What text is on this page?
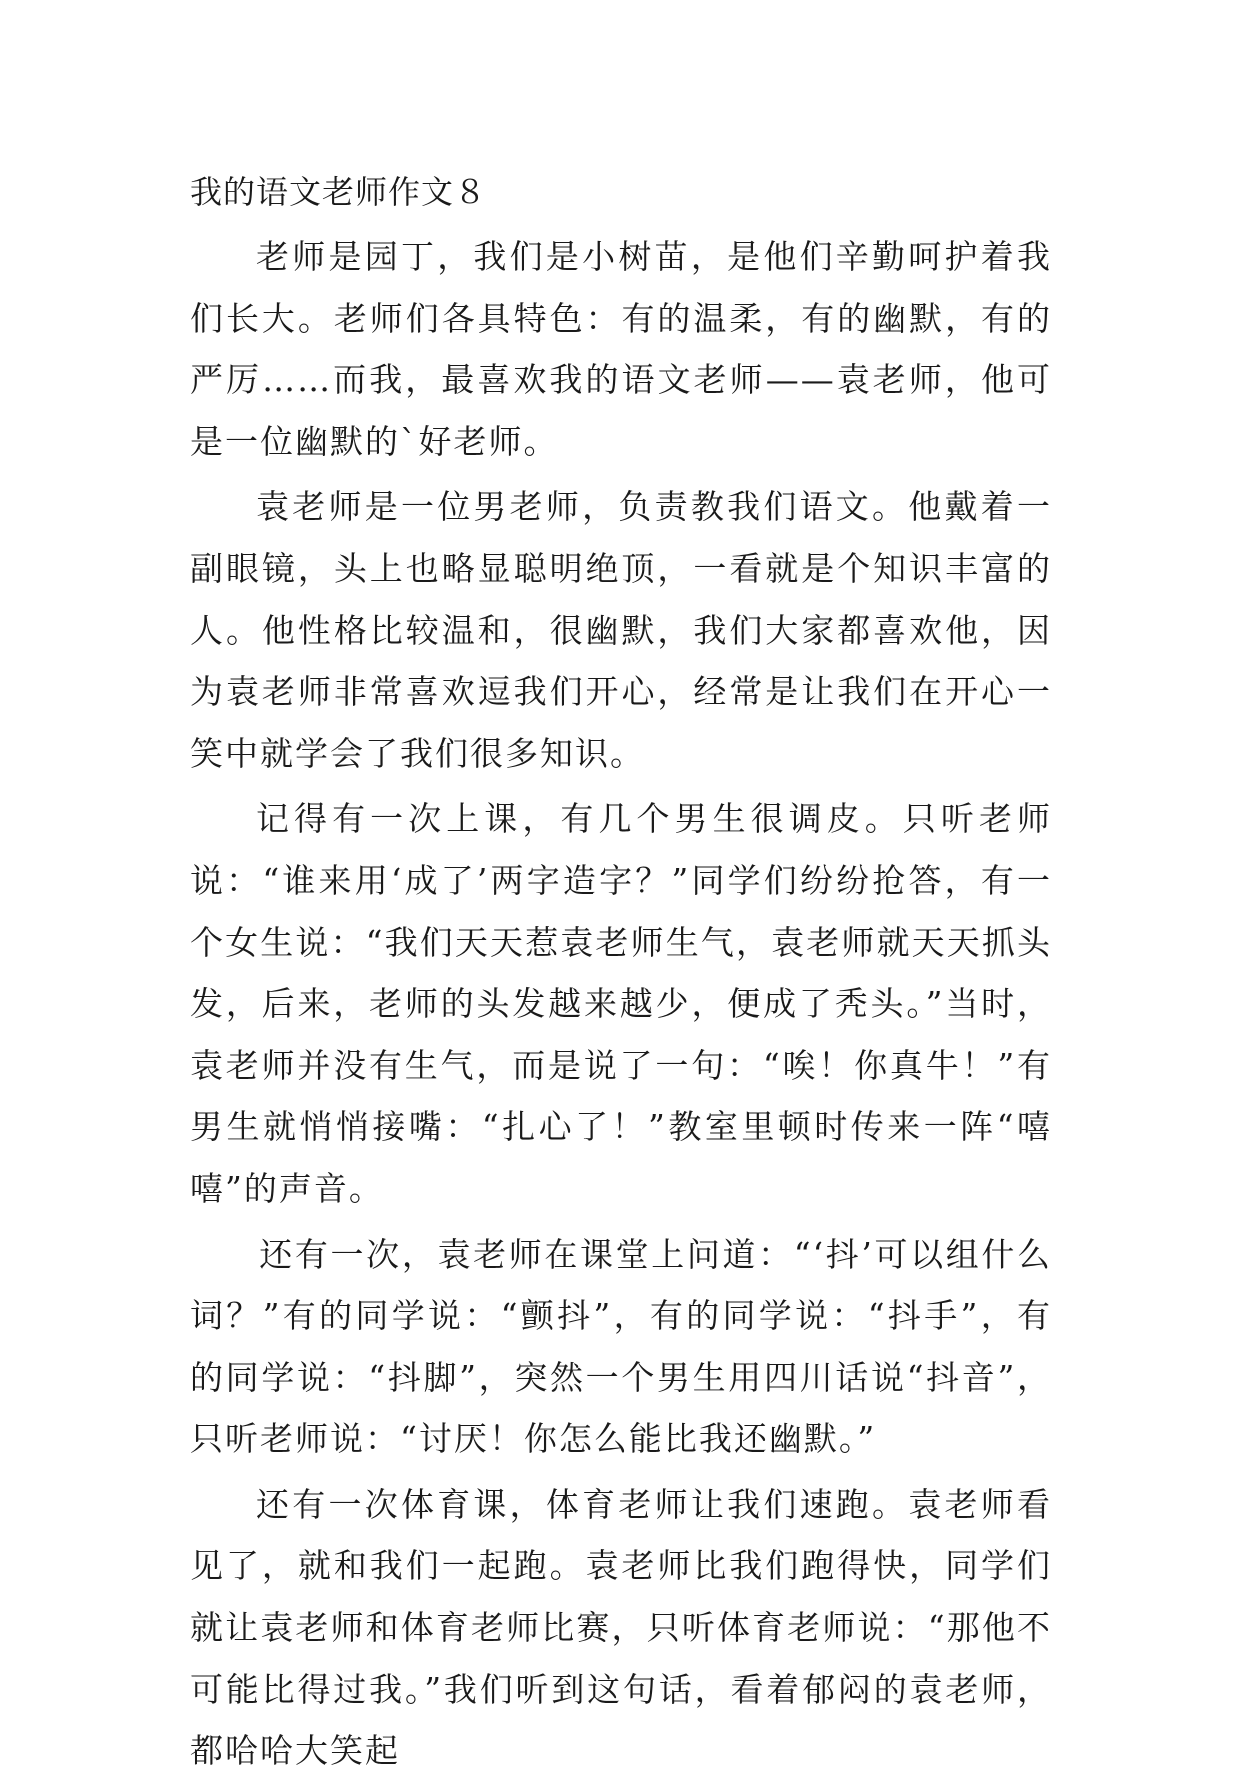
我的语文老师作文８

老师是园丁，我们是小树苗，是他们辛勤呵护着我们长大。老师们各具特色：有的温柔，有的幽默，有的严厉……而我，最喜欢我的语文老师——袁老师，他可是一位幽默的`好老师。

袁老师是一位男老师，负责教我们语文。他戴着一副眼镜，头上也略显聪明绝顶，一看就是个知识丰富的人。他性格比较温和，很幽默，我们大家都喜欢他，因为袁老师非常喜欢逗我们开心，经常是让我们在开心一笑中就学会了我们很多知识。

记得有一次上课，有几个男生很调皮。只听老师说：“谁来用‘成了’两字造字？”同学们纷纷抢答，有一个女生说：“我们天天惹袁老师生气，袁老师就天天抓头发，后来，老师的头发越来越少，便成了秃头。”当时，袁老师并没有生气，而是说了一句：“唉！你真牛！”有男生就悄悄接嘴：“扎心了！”教室里顿时传来一阵“嘻嘻”的声音。

还有一次，袁老师在课堂上问道：“‘抖’可以组什么词？”有的同学说：“颤抖”，有的同学说：“抖手”，有的同学说：“抖脚”，突然一个男生用四川话说“抖音”，只听老师说：“讨厌！你怎么能比我还幽默。”

还有一次体育课，体育老师让我们速跑。袁老师看见了，就和我们一起跑。袁老师比我们跑得快，同学们就让袁老师和体育老师比赛，只听体育老师说：“那他不可能比得过我。”我们听到这句话，看着郁闷的袁老师，都哈哈大笑起
